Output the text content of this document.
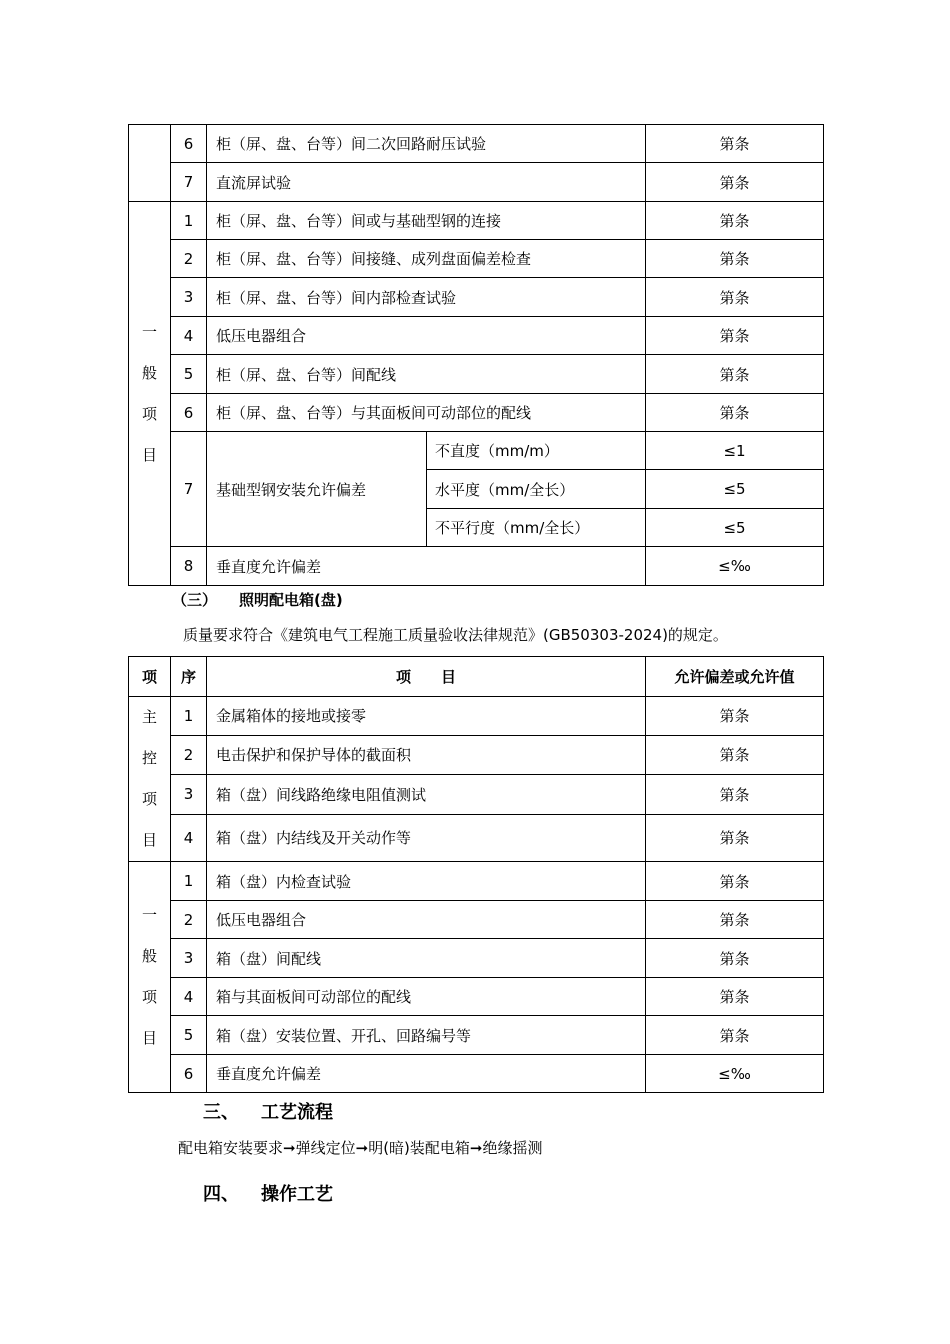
	6	柜（屏、盘、台等）间二次回路耐压试验		第条
	7	直流屏试验		第条

一
般
项
目	1	柜（屏、盘、台等）间或与基础型钢的连接		第条
	2	柜（屏、盘、台等）间接缝、成列盘面偏差检查		第条
	3	柜（屏、盘、台等）间内部检查试验		第条
	4	低压电器组合		第条
	5	柜（屏、盘、台等）间配线		第条
	6	柜（屏、盘、台等）与其面板间可动部位的配线		第条
	7	基础型钢安装允许偏差	不直度（mm/m）	≤1
			水平度（mm/全长）	≤5
			不平行度（mm/全长）	≤5
	8	垂直度允许偏差		≤‰
（三） 照明配电箱(盘)
质量要求符合《建筑电气工程施工质量验收法律规范》(GB50303-2024)的规定。
项	序	项　　目	允许偏差或允许值

主
控
项
目	1	金属箱体的接地或接零	第条
	2	电击保护和保护导体的截面积	第条
	3	箱（盘）间线路绝缘电阻值测试	第条
	4	箱（盘）内结线及开关动作等	第条

一
般
项
目	1	箱（盘）内检查试验	第条
	2	低压电器组合	第条
	3	箱（盘）间配线	第条
	4	箱与其面板间可动部位的配线	第条
	5	箱（盘）安装位置、开孔、回路编号等	第条
	6	垂直度允许偏差	≤‰
三、 工艺流程
配电箱安装要求➞弹线定位➞明(暗)装配电箱➞绝缘摇测
四、 操作工艺
